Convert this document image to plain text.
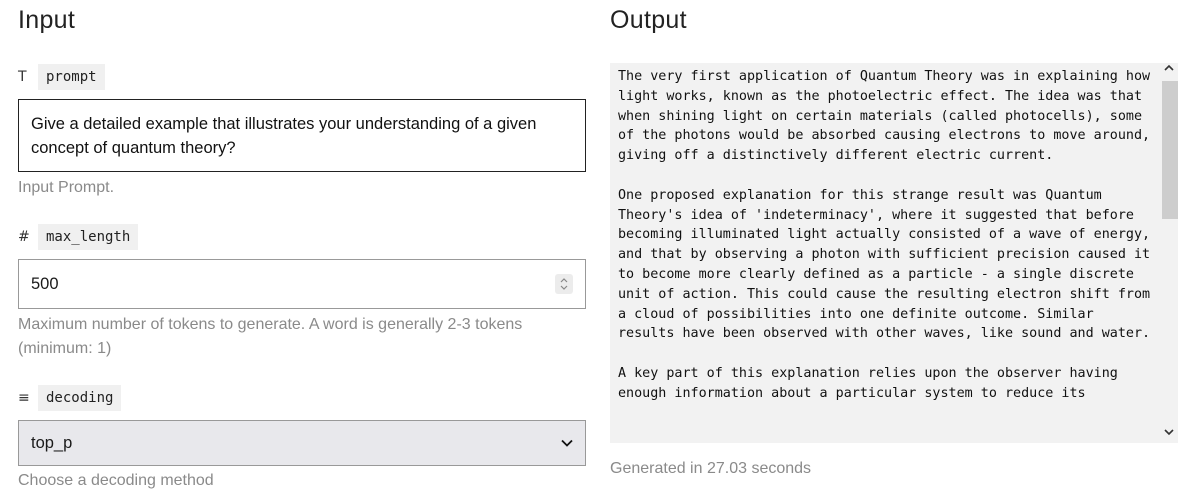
Input	Output
T	prompt
Give a detailed example that illustrates your understanding of a given concept of quantum theory?
Input Prompt.
#	max_length
500
Maximum number of tokens to generate. A word is generally 2-3 tokens (minimum: 1)
≡	decoding
top_p
Choose a decoding method
The very first application of Quantum Theory was in explaining how light works, known as the photoelectric effect. The idea was that when shining light on certain materials (called photocells), some of the photons would be absorbed causing electrons to move around, giving off a distinctively different electric current.

One proposed explanation for this strange result was Quantum Theory's idea of 'indeterminacy', where it suggested that before becoming illuminated light actually consisted of a wave of energy, and that by observing a photon with sufficient precision caused it to become more clearly defined as a particle - a single discrete unit of action. This could cause the resulting electron shift from a cloud of possibilities into one definite outcome. Similar results have been observed with other waves, like sound and water.

A key part of this explanation relies upon the observer having enough information about a particular system to reduce its
Generated in 27.03 seconds
